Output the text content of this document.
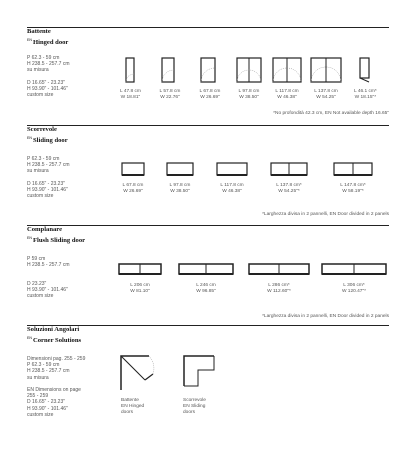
Battente
$^{EN}$Hinged door
P 62.3 - 59 cm
H 238.5 - 257.7 cm
su misura

D 16.65" - 23.23"
H 93.90" - 101.46"
custom size
L 47.8 cm
W 18.81"
L 57.8 cm
W 22.76"
L 67.8 cm
W 26.69"
L 97.8 cm
W 38.50"
L 117.8 cm
W 46.38"
L 137.8 cm
W 54.25"
L 46.1 cm*
W 18.15"*
*No profondità 42.3 cm, EN Not available depth 16.65"
Scorrevole
$^{EN}$Sliding door
P 62.3 - 59 cm
H 238.5 - 257.7 cm
su misura

D 16.65" - 23.23"
H 93.90" - 101.46"
custom size
L 67.8 cm
W 26.69"
L 97.8 cm
W 38.50"
L 117.8 cm
W 46.38"
L 137.8 cm*
W 54.25"*
L 147.8 cm*
W 58.19"*
*Larghezza divisa in 2 pannelli, EN Door divided in 2 panels
Complanare
$^{EN}$Flush Sliding door
P 59 cm
H 238.5 - 257.7 cm

D 23.23"
H 93.90" - 101.46"
custom size
L 206 cm
W 81.10"
L 246 cm
W 96.85"
L 286 cm*
W 112.60"*
L 306 cm*
W 120.47"*
*Larghezza divisa in 2 pannelli, EN Door divided in 2 panels
Soluzioni Angolari
$^{EN}$Corner Solutions
Dimensioni pag. 255 - 259
P 62.3 - 59 cm
H 238.5 - 257.7 cm
su misura

EN Dimensions on page
255 - 259
D 16.65" - 23.23"
H 93.90" - 101.46"
custom size
Battente
EN Hinged
doors
Scorrevole
EN Sliding
doors
